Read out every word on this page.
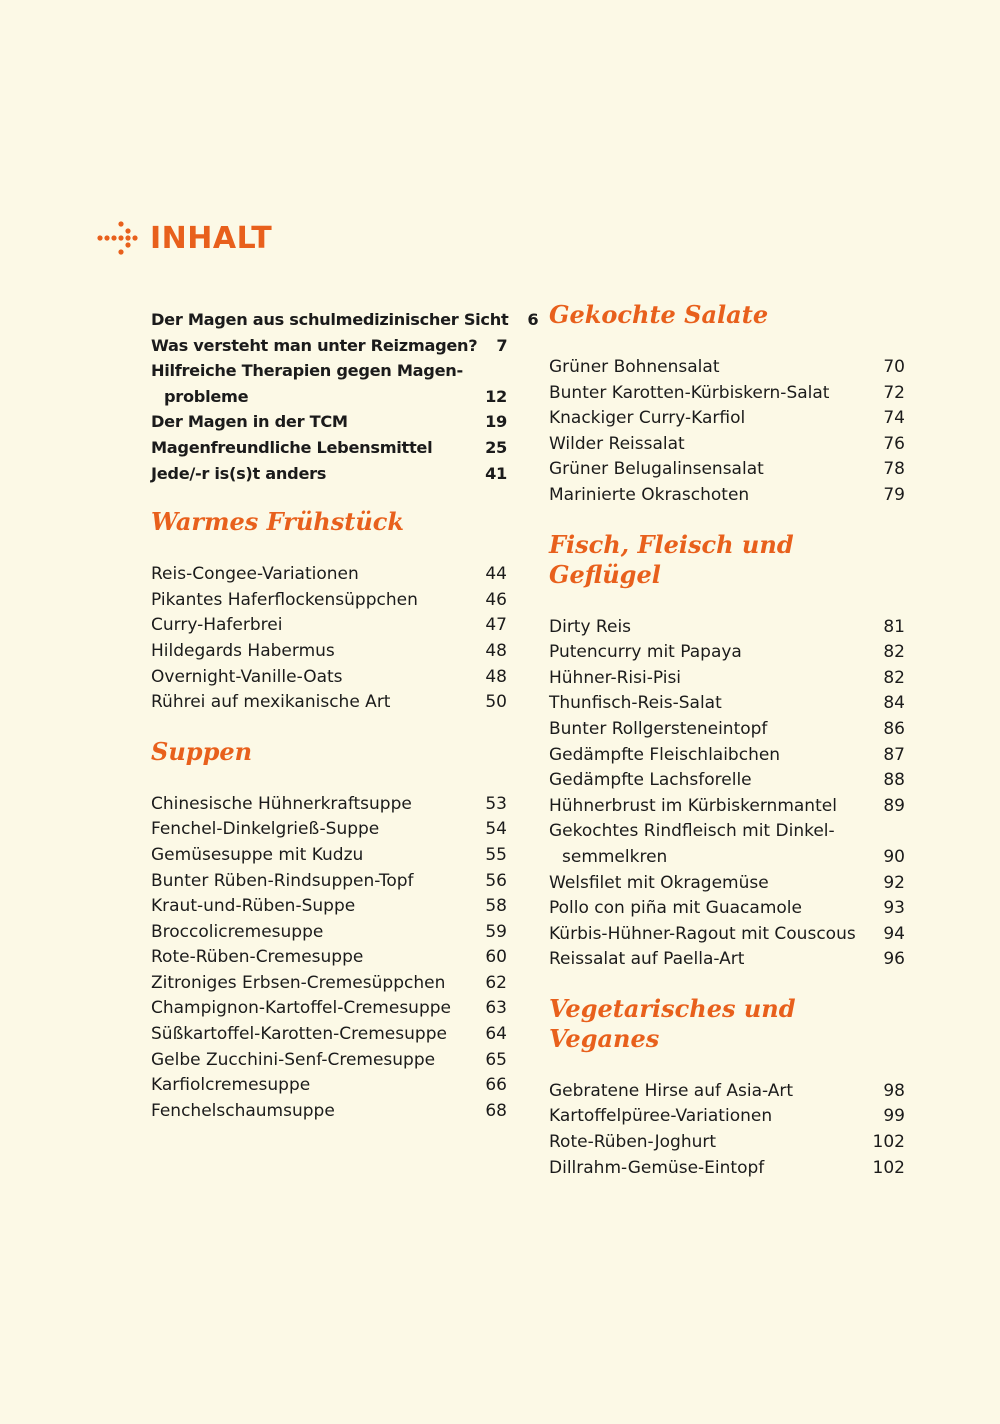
INHALT
Der Magen aus schulmedizinischer Sicht	6
Was versteht man unter Reizmagen?	7
Hilfreiche Therapien gegen Magen-
probleme	12
Der Magen in der TCM	19
Magenfreundliche Lebensmittel	25
Jede/-r is(s)t anders	41
Warmes Frühstück
Reis-Congee-Variationen	44
Pikantes Haferflockensüppchen	46
Curry-Haferbrei	47
Hildegards Habermus	48
Overnight-Vanille-Oats	48
Rührei auf mexikanische Art	50
Suppen
Chinesische Hühnerkraftsuppe	53
Fenchel-Dinkelgrieß-Suppe	54
Gemüsesuppe mit Kudzu	55
Bunter Rüben-Rindsuppen-Topf	56
Kraut-und-Rüben-Suppe	58
Broccolicremesuppe	59
Rote-Rüben-Cremesuppe	60
Zitroniges Erbsen-Cremesüppchen	62
Champignon-Kartoffel-Cremesuppe	63
Süßkartoffel-Karotten-Cremesuppe	64
Gelbe Zucchini-Senf-Cremesuppe	65
Karfiolcremesuppe	66
Fenchelschaumsuppe	68
Gekochte Salate
Grüner Bohnensalat	70
Bunter Karotten-Kürbiskern-Salat	72
Knackiger Curry-Karfiol	74
Wilder Reissalat	76
Grüner Belugalinsensalat	78
Marinierte Okraschoten	79
Fisch, Fleisch und Geflügel
Dirty Reis	81
Putencurry mit Papaya	82
Hühner-Risi-Pisi	82
Thunfisch-Reis-Salat	84
Bunter Rollgersteneintopf	86
Gedämpfte Fleischlaibchen	87
Gedämpfte Lachsforelle	88
Hühnerbrust im Kürbiskernmantel	89
Gekochtes Rindfleisch mit Dinkel-
semmelkren	90
Welsfilet mit Okragemüse	92
Pollo con piña mit Guacamole	93
Kürbis-Hühner-Ragout mit Couscous	94
Reissalat auf Paella-Art	96
Vegetarisches und Veganes
Gebratene Hirse auf Asia-Art	98
Kartoffelpüree-Variationen	99
Rote-Rüben-Joghurt	102
Dillrahm-Gemüse-Eintopf	102
